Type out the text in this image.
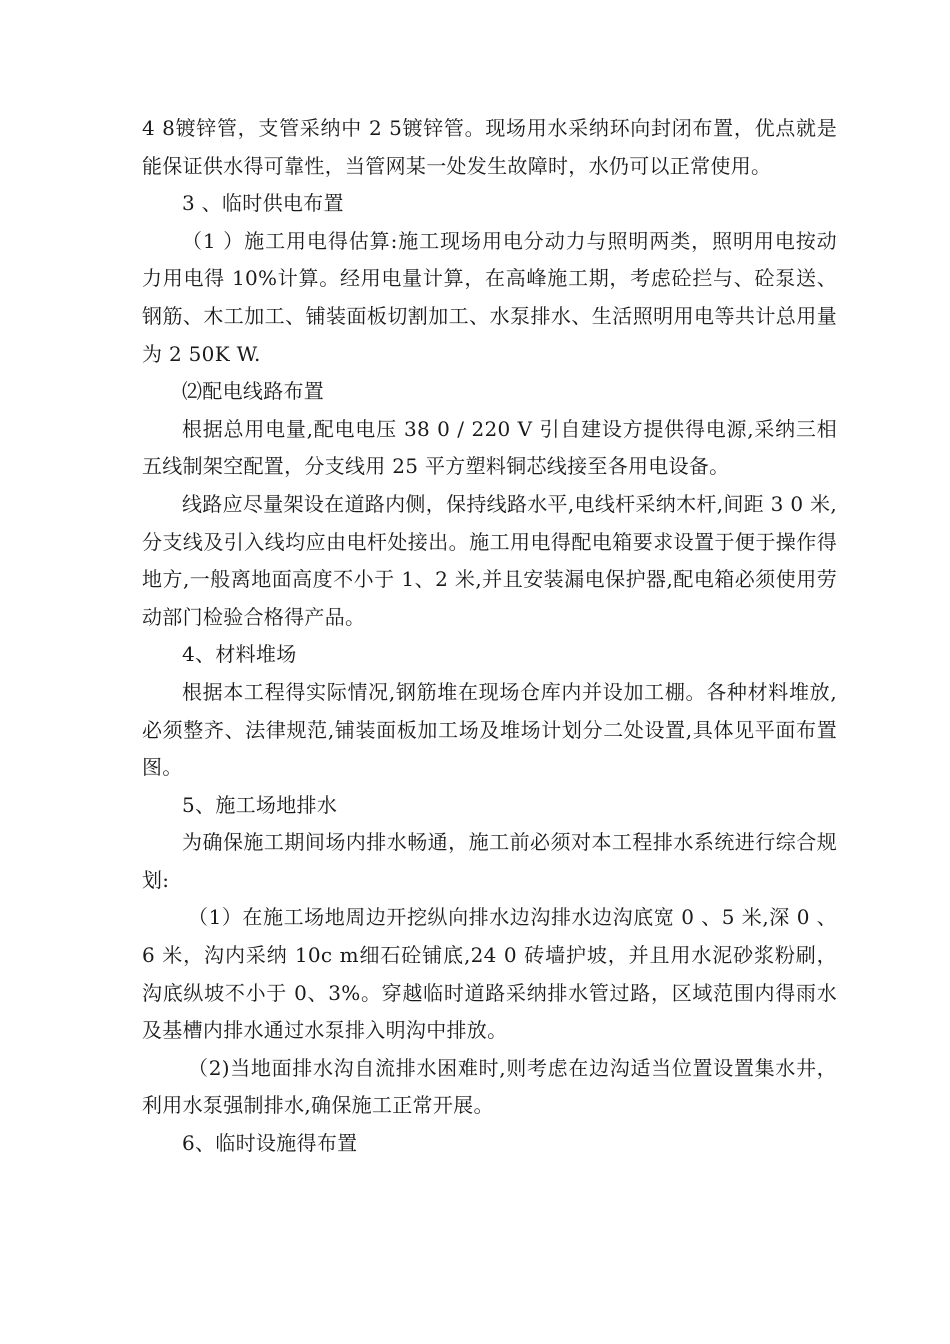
4 8镀锌管，支管采纳中 2 5镀锌管。现场用水采纳环向封闭布置，优点就是能保证供水得可靠性，当管网某一处发生故障时，水仍可以正常使用。

3 、临时供电布置

（1 ）施工用电得估算:施工现场用电分动力与照明两类，照明用电按动力用电得 10%计算。经用电量计算，在高峰施工期，考虑砼拦与、砼泵送、钢筋、木工加工、铺装面板切割加工、水泵排水、生活照明用电等共计总用量为 2 50K W.

⑵配电线路布置

根据总用电量,配电电压 38 0 / 220 V 引自建设方提供得电源,采纳三相五线制架空配置，分支线用 25 平方塑料铜芯线接至各用电设备。

线路应尽量架设在道路内侧，保持线路水平,电线杆采纳木杆,间距 3 0 米,分支线及引入线均应由电杆处接出。施工用电得配电箱要求设置于便于操作得地方,一般离地面高度不小于 1、2 米,并且安装漏电保护器,配电箱必须使用劳动部门检验合格得产品。

4、材料堆场

根据本工程得实际情况,钢筋堆在现场仓库内并设加工棚。各种材料堆放,必须整齐、法律规范,铺装面板加工场及堆场计划分二处设置,具体见平面布置图。

5、施工场地排水

为确保施工期间场内排水畅通，施工前必须对本工程排水系统进行综合规划:

（1）在施工场地周边开挖纵向排水边沟排水边沟底宽 0 、5 米,深 0 、 6 米，沟内采纳 10c m细石砼铺底,24 0 砖墙护坡，并且用水泥砂浆粉刷，沟底纵坡不小于 0、3%。穿越临时道路采纳排水管过路，区域范围内得雨水及基槽内排水通过水泵排入明沟中排放。

（2)当地面排水沟自流排水困难时,则考虑在边沟适当位置设置集水井，利用水泵强制排水,确保施工正常开展。

6、临时设施得布置
